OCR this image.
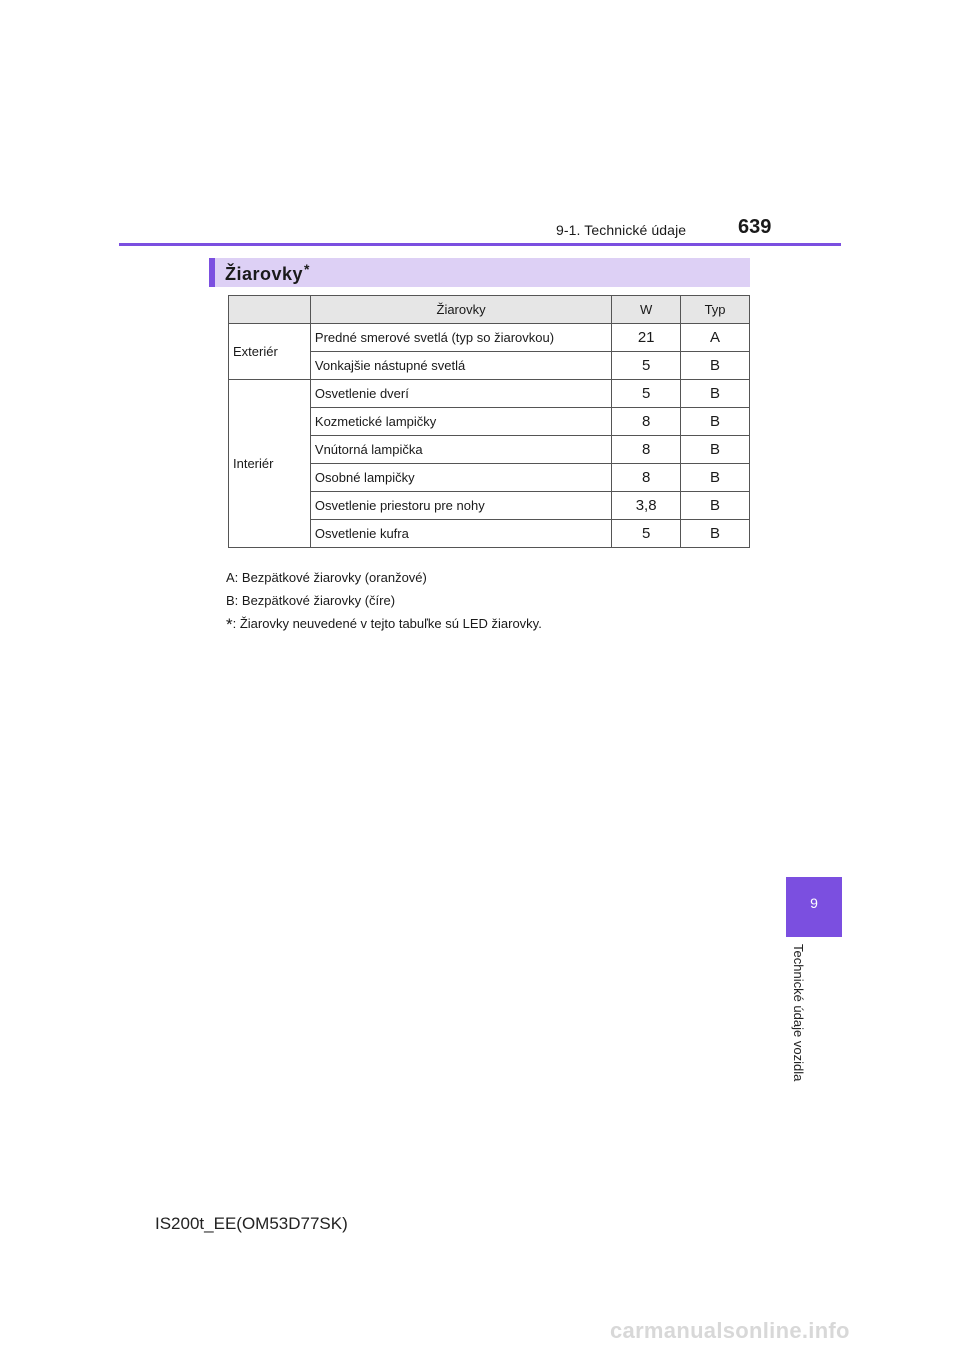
9-1. Technické údaje	639
Žiarovky*
	Žiarovky	W	Typ
Exteriér	Predné smerové svetlá (typ so žiarovkou)	21	A
	Vonkajšie nástupné svetlá	5	B
Interiér	Osvetlenie dverí	5	B
	Kozmetické lampičky	8	B
	Vnútorná lampička	8	B
	Osobné lampičky	8	B
	Osvetlenie priestoru pre nohy	3,8	B
	Osvetlenie kufra	5	B
A: Bezpätkové žiarovky (oranžové)
B: Bezpätkové žiarovky (číre)
*: Žiarovky neuvedené v tejto tabuľke sú LED žiarovky.
9
Technické údaje vozidla
IS200t_EE(OM53D77SK)
carmanualsonline.info
